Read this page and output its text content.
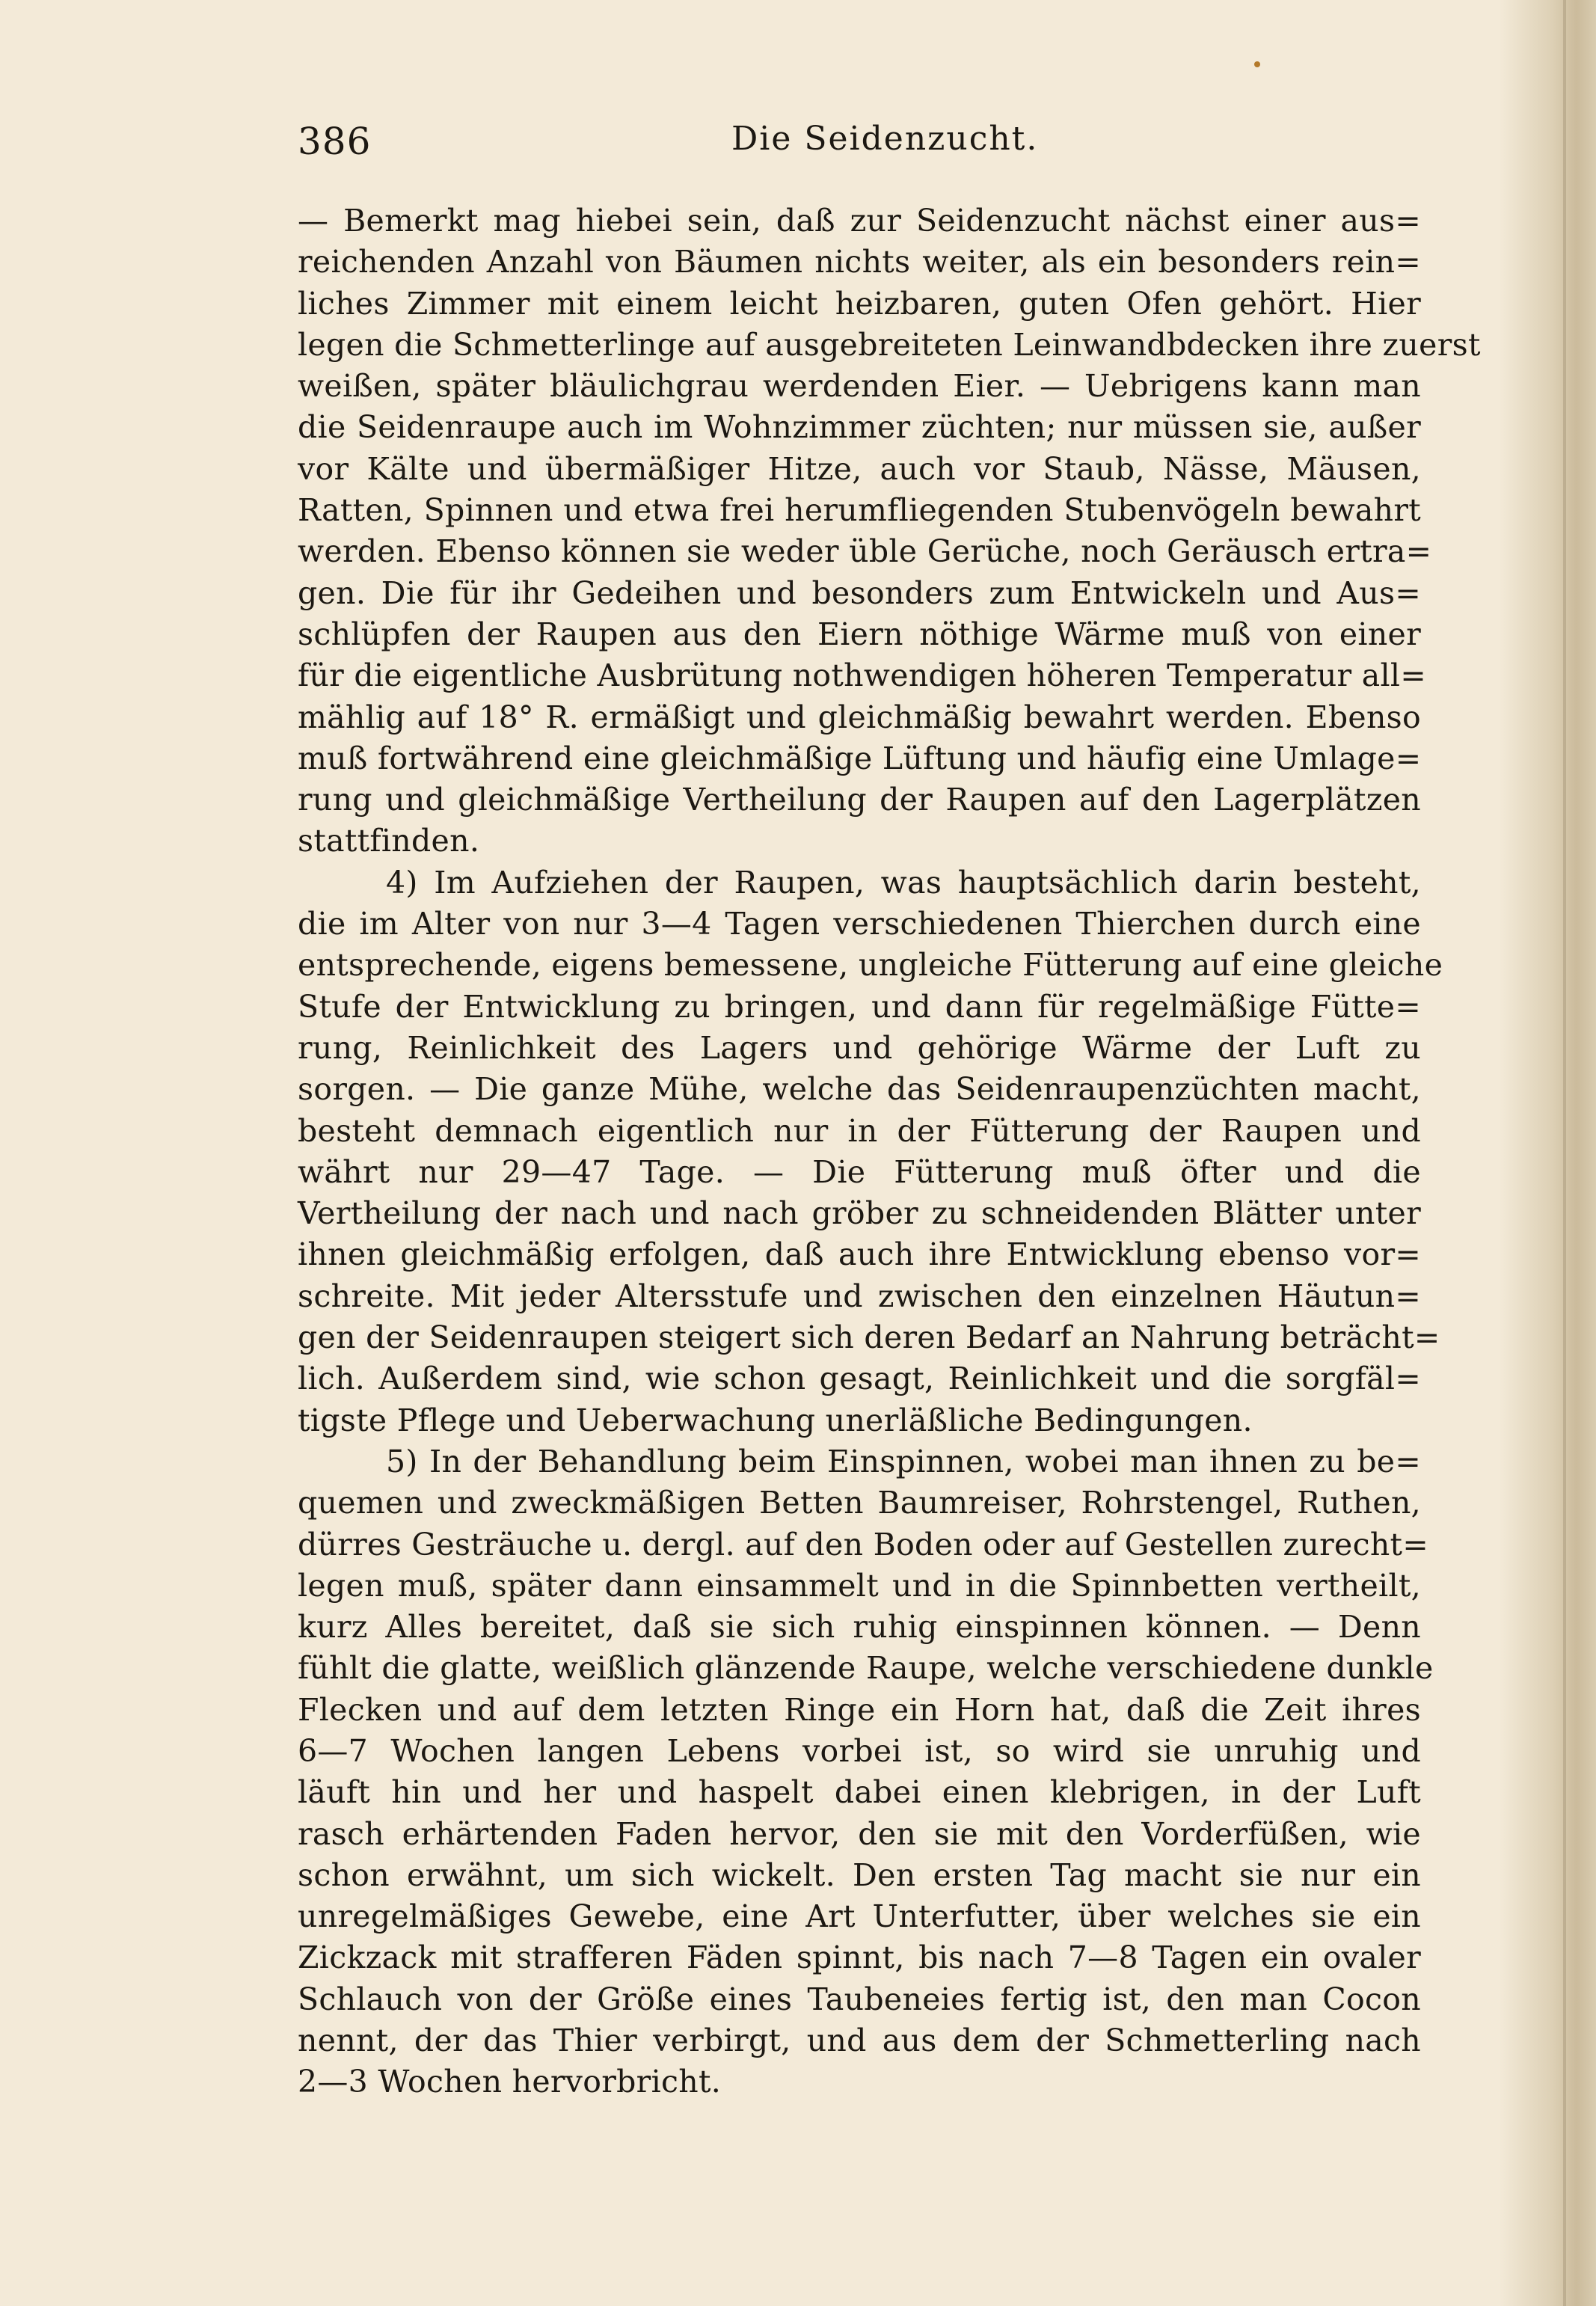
386	Die Seidenzucht.
— Bemerkt mag hiebei sein, daß zur Seidenzucht nächst einer aus=
reichenden Anzahl von Bäumen nichts weiter, als ein besonders rein=
liches Zimmer mit einem leicht heizbaren, guten Ofen gehört. Hier
legen die Schmetterlinge auf ausgebreiteten Leinwandbdecken ihre zuerst
weißen, später bläulichgrau werdenden Eier. — Uebrigens kann man
die Seidenraupe auch im Wohnzimmer züchten; nur müssen sie, außer
vor Kälte und übermäßiger Hitze, auch vor Staub, Nässe, Mäusen,
Ratten, Spinnen und etwa frei herumfliegenden Stubenvögeln bewahrt
werden. Ebenso können sie weder üble Gerüche, noch Geräusch ertra=
gen. Die für ihr Gedeihen und besonders zum Entwickeln und Aus=
schlüpfen der Raupen aus den Eiern nöthige Wärme muß von einer
für die eigentliche Ausbrütung nothwendigen höheren Temperatur all=
mählig auf 18° R. ermäßigt und gleichmäßig bewahrt werden. Ebenso
muß fortwährend eine gleichmäßige Lüftung und häufig eine Umlage=
rung und gleichmäßige Vertheilung der Raupen auf den Lagerplätzen
stattfinden.
4) Im Aufziehen der Raupen, was hauptsächlich darin besteht,
die im Alter von nur 3—4 Tagen verschiedenen Thierchen durch eine
entsprechende, eigens bemessene, ungleiche Fütterung auf eine gleiche
Stufe der Entwicklung zu bringen, und dann für regelmäßige Fütte=
rung, Reinlichkeit des Lagers und gehörige Wärme der Luft zu
sorgen. — Die ganze Mühe, welche das Seidenraupenzüchten macht,
besteht demnach eigentlich nur in der Fütterung der Raupen und
währt nur 29—47 Tage. — Die Fütterung muß öfter und die
Vertheilung der nach und nach gröber zu schneidenden Blätter unter
ihnen gleichmäßig erfolgen, daß auch ihre Entwicklung ebenso vor=
schreite. Mit jeder Altersstufe und zwischen den einzelnen Häutun=
gen der Seidenraupen steigert sich deren Bedarf an Nahrung beträcht=
lich. Außerdem sind, wie schon gesagt, Reinlichkeit und die sorgfäl=
tigste Pflege und Ueberwachung unerläßliche Bedingungen.
5) In der Behandlung beim Einspinnen, wobei man ihnen zu be=
quemen und zweckmäßigen Betten Baumreiser, Rohrstengel, Ruthen,
dürres Gesträuche u. dergl. auf den Boden oder auf Gestellen zurecht=
legen muß, später dann einsammelt und in die Spinnbetten vertheilt,
kurz Alles bereitet, daß sie sich ruhig einspinnen können. — Denn
fühlt die glatte, weißlich glänzende Raupe, welche verschiedene dunkle
Flecken und auf dem letzten Ringe ein Horn hat, daß die Zeit ihres
6—7 Wochen langen Lebens vorbei ist, so wird sie unruhig und
läuft hin und her und haspelt dabei einen klebrigen, in der Luft
rasch erhärtenden Faden hervor, den sie mit den Vorderfüßen, wie
schon erwähnt, um sich wickelt. Den ersten Tag macht sie nur ein
unregelmäßiges Gewebe, eine Art Unterfutter, über welches sie ein
Zickzack mit strafferen Fäden spinnt, bis nach 7—8 Tagen ein ovaler
Schlauch von der Größe eines Taubeneies fertig ist, den man Cocon
nennt, der das Thier verbirgt, und aus dem der Schmetterling nach
2—3 Wochen hervorbricht.
